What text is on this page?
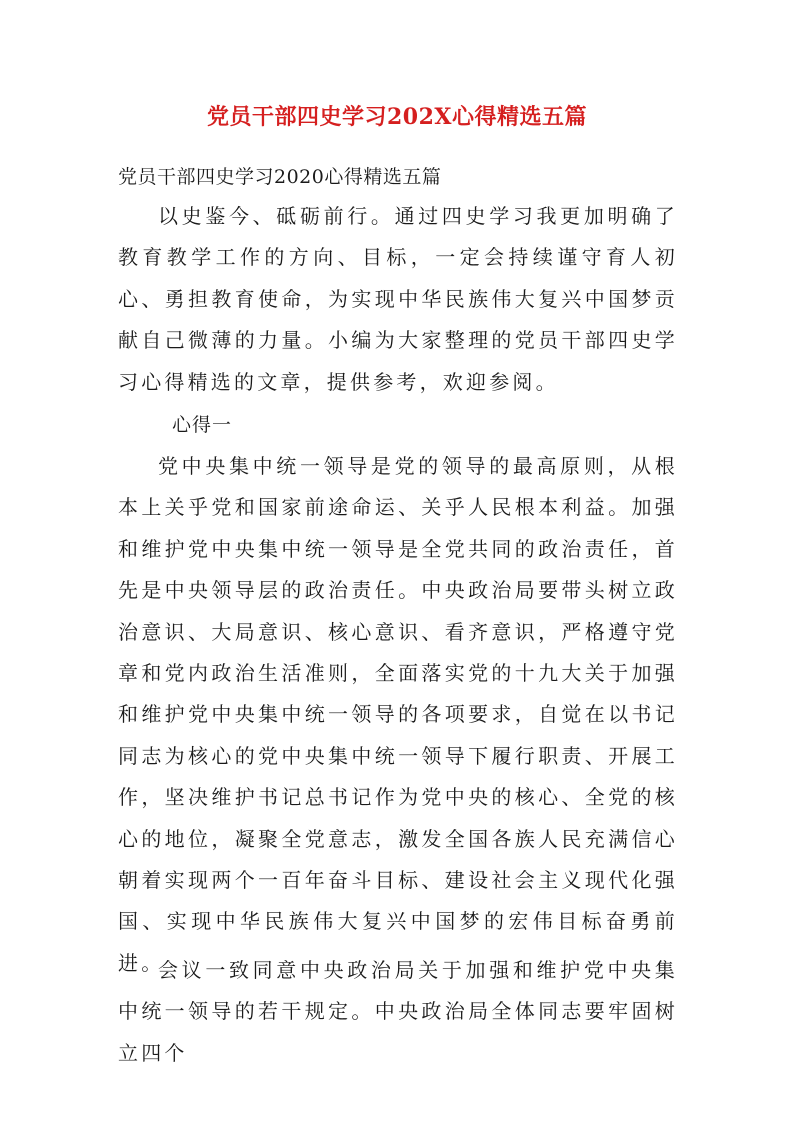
党员干部四史学习202X心得精选五篇
党员干部四史学习2020心得精选五篇

以史鉴今、砥砺前行。通过四史学习我更加明确了教育教学工作的方向、目标，一定会持续谨守育人初心、勇担教育使命，为实现中华民族伟大复兴中国梦贡献自己微薄的力量。小编为大家整理的党员干部四史学习心得精选的文章，提供参考，欢迎参阅。

心得一

党中央集中统一领导是党的领导的最高原则，从根本上关乎党和国家前途命运、关乎人民根本利益。加强和维护党中央集中统一领导是全党共同的政治责任，首先是中央领导层的政治责任。中央政治局要带头树立政治意识、大局意识、核心意识、看齐意识，严格遵守党章和党内政治生活准则，全面落实党的十九大关于加强和维护党中央集中统一领导的各项要求，自觉在以书记同志为核心的党中央集中统一领导下履行职责、开展工作，坚决维护书记总书记作为党中央的核心、全党的核心的地位，凝聚全党意志，激发全国各族人民充满信心朝着实现两个一百年奋斗目标、建设社会主义现代化强国、实现中华民族伟大复兴中国梦的宏伟目标奋勇前进。

会议一致同意中央政治局关于加强和维护党中央集中统一领导的若干规定。中央政治局全体同志要牢固树立四个
